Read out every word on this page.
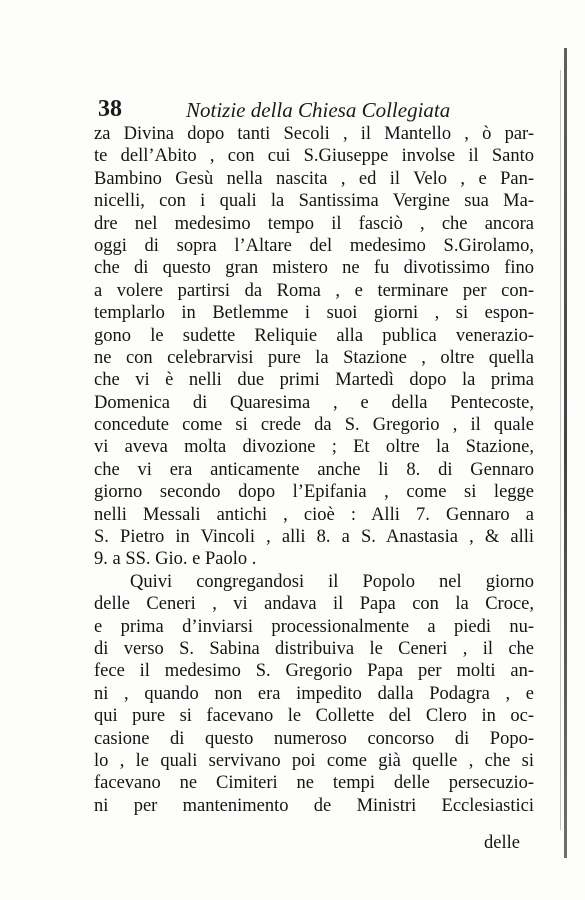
38	Notizie della Chiesa Collegiata
za Divina dopo tanti Secoli , il Mantello , ò par-
te dell’Abito , con cui S.Giuseppe involse il Santo
Bambino Gesù nella nascita , ed il Velo , e Pan-
nicelli, con i quali la Santissima Vergine sua Ma-
dre nel medesimo tempo il fasciò , che ancora
oggi di sopra l’Altare del medesimo S.Girolamo,
che di questo gran mistero ne fu divotissimo fino
a volere partirsi da Roma , e terminare per con-
templarlo in Betlemme i suoi giorni , si espon-
gono le sudette Reliquie alla publica venerazio-
ne con celebrarvisi pure la Stazione , oltre quella
che vi è nelli due primi Martedì dopo la prima
Domenica di Quaresima , e della Pentecoste,
concedute come si crede da S. Gregorio , il quale
vi aveva molta divozione ; Et oltre la Stazione,
che vi era anticamente anche li 8. di Gennaro
giorno secondo dopo l’Epifania , come si legge
nelli Messali antichi , cioè : Alli 7. Gennaro a
S. Pietro in Vincoli , alli 8. a S. Anastasia , & alli
9. a SS. Gio. e Paolo .
Quivi congregandosi il Popolo nel giorno
delle Ceneri , vi andava il Papa con la Croce,
e prima d’inviarsi processionalmente a piedi nu-
di verso S. Sabina distribuiva le Ceneri , il che
fece il medesimo S. Gregorio Papa per molti an-
ni , quando non era impedito dalla Podagra , e
qui pure si facevano le Collette del Clero in oc-
casione di questo numeroso concorso di Popo-
lo , le quali servivano poi come già quelle , che si
facevano ne Cimiteri ne tempi delle persecuzio-
ni per mantenimento de Ministri Ecclesiastici
delle
